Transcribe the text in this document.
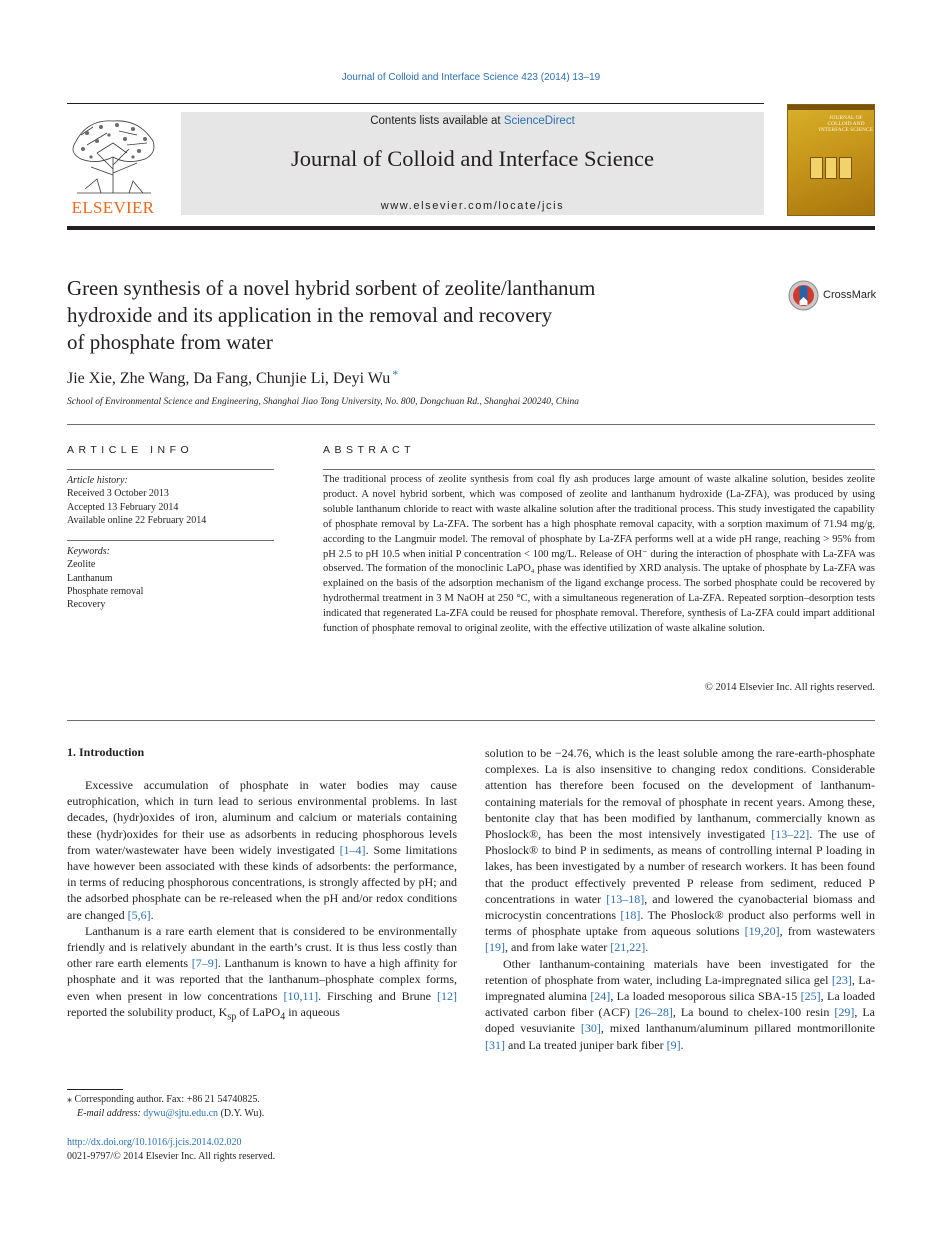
Journal of Colloid and Interface Science 423 (2014) 13–19
ELSEVIER
Contents lists available at ScienceDirect
Journal of Colloid and Interface Science
www.elsevier.com/locate/jcis
JOURNAL OF COLLOID AND INTERFACE SCIENCE
Green synthesis of a novel hybrid sorbent of zeolite/lanthanum
hydroxide and its application in the removal and recovery
of phosphate from water
CrossMark
Jie Xie, Zhe Wang, Da Fang, Chunjie Li, Deyi Wu *
School of Environmental Science and Engineering, Shanghai Jiao Tong University, No. 800, Dongchuan Rd., Shanghai 200240, China
ARTICLE INFO
Article history:
Received 3 October 2013
Accepted 13 February 2014
Available online 22 February 2014
Keywords:
Zeolite
Lanthanum
Phosphate removal
Recovery
ABSTRACT
The traditional process of zeolite synthesis from coal fly ash produces large amount of waste alkaline solution, besides zeolite product. A novel hybrid sorbent, which was composed of zeolite and lanthanum hydroxide (La-ZFA), was produced by using soluble lanthanum chloride to react with waste alkaline solution after the traditional process. This study investigated the capability of phosphate removal by La-ZFA. The sorbent has a high phosphate removal capacity, with a sorption maximum of 71.94 mg/g, according to the Langmuir model. The removal of phosphate by La-ZFA performs well at a wide pH range, reaching > 95% from pH 2.5 to pH 10.5 when initial P concentration < 100 mg/L. Release of OH⁻ during the interaction of phosphate with La-ZFA was observed. The formation of the monoclinic LaPO₄ phase was identified by XRD analysis. The uptake of phosphate by La-ZFA was explained on the basis of the adsorption mechanism of the ligand exchange process. The sorbed phosphate could be recovered by hydrothermal treatment in 3 M NaOH at 250 °C, with a simultaneous regeneration of La-ZFA. Repeated sorption–desorption tests indicated that regenerated La-ZFA could be reused for phosphate removal. Therefore, synthesis of La-ZFA could impart additional function of phosphate removal to original zeolite, with the effective utilization of waste alkaline solution.
© 2014 Elsevier Inc. All rights reserved.
1. Introduction

Excessive accumulation of phosphate in water bodies may cause eutrophication, which in turn lead to serious environmental problems. In last decades, (hydr)oxides of iron, aluminum and calcium or materials containing these (hydr)oxides for their use as adsorbents in reducing phosphorous levels from water/wastewater have been widely investigated [1–4]. Some limitations have however been associated with these kinds of adsorbents: the performance, in terms of reducing phosphorous concentrations, is strongly affected by pH; and the adsorbed phosphate can be re-released when the pH and/or redox conditions are changed [5,6].

Lanthanum is a rare earth element that is considered to be environmentally friendly and is relatively abundant in the earth’s crust. It is thus less costly than other rare earth elements [7–9]. Lanthanum is known to have a high affinity for phosphate and it was reported that the lanthanum–phosphate complex forms, even when present in low concentrations [10,11]. Firsching and Brune [12] reported the solubility product, $K_{sp}$ of LaPO$_4$ in aqueous

solution to be −24.76, which is the least soluble among the rare-earth-phosphate complexes. La is also insensitive to changing redox conditions. Considerable attention has therefore been focused on the development of lanthanum-containing materials for the removal of phosphate in recent years. Among these, bentonite clay that has been modified by lanthanum, commercially known as Phoslock®, has been the most intensively investigated [13–22]. The use of Phoslock® to bind P in sediments, as means of controlling internal P loading in lakes, has been investigated by a number of research workers. It has been found that the product effectively prevented P release from sediment, reduced P concentrations in water [13–18], and lowered the cyanobacterial biomass and microcystin concentrations [18]. The Phoslock® product also performs well in terms of phosphate uptake from aqueous solutions [19,20], from wastewaters [19], and from lake water [21,22].

Other lanthanum-containing materials have been investigated for the retention of phosphate from water, including La-impregnated silica gel [23], La-impregnated alumina [24], La loaded mesoporous silica SBA-15 [25], La loaded activated carbon fiber (ACF) [26–28], La bound to chelex-100 resin [29], La doped vesuvianite [30], mixed lanthanum/aluminum pillared montmorillonite [31] and La treated juniper bark fiber [9].

⁎ Corresponding author. Fax: +86 21 54740825.
E-mail address: dywu@sjtu.edu.cn (D.Y. Wu).
http://dx.doi.org/10.1016/j.jcis.2014.02.020
0021-9797/© 2014 Elsevier Inc. All rights reserved.
